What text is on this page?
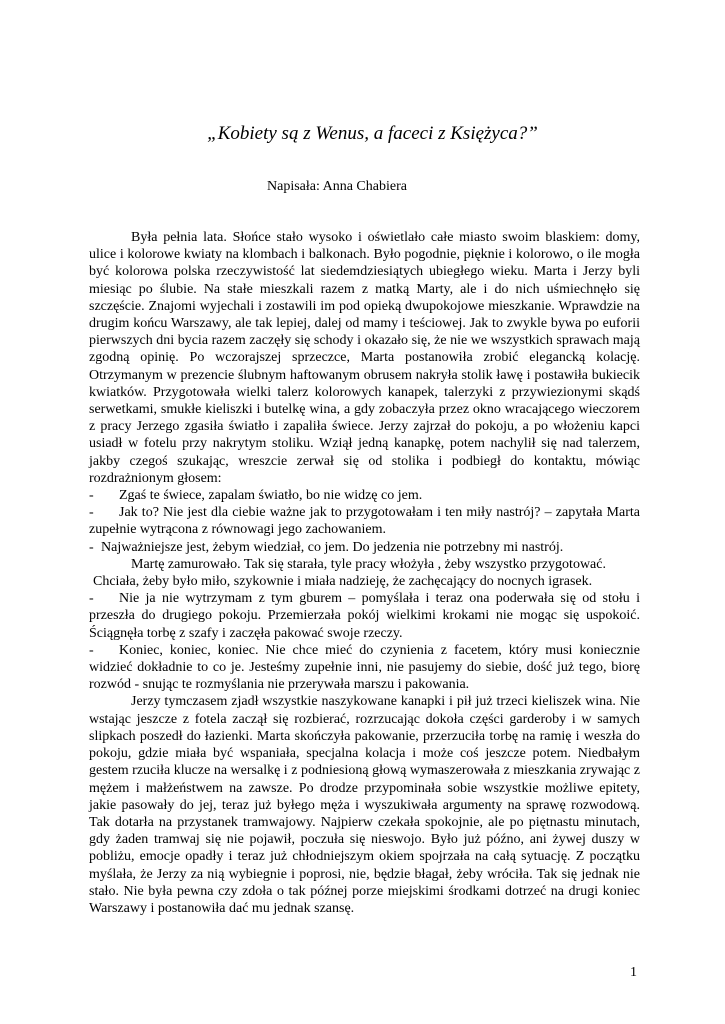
„Kobiety są z Wenus, a faceci z Księżyca?”
Napisała: Anna Chabiera

Była pełnia lata. Słońce stało wysoko i oświetlało całe miasto swoim blaskiem: domy, ulice i kolorowe kwiaty na klombach i balkonach. Było pogodnie, pięknie i kolorowo, o ile mogła być kolorowa polska rzeczywistość lat siedemdziesiątych ubiegłego wieku. Marta i Jerzy byli miesiąc po ślubie. Na stałe mieszkali razem z matką Marty, ale i do nich uśmiechnęło się szczęście. Znajomi wyjechali i zostawili im pod opieką dwupokojowe mieszkanie. Wprawdzie na drugim końcu Warszawy, ale tak lepiej, dalej od mamy i teściowej. Jak to zwykle bywa po euforii pierwszych dni bycia razem zaczęły się schody i okazało się, że nie we wszystkich sprawach mają zgodną opinię. Po wczorajszej sprzeczce, Marta postanowiła zrobić elegancką kolację. Otrzymanym w prezencie ślubnym haftowanym obrusem nakryła stolik ławę i postawiła bukiecik kwiatków. Przygotowała wielki talerz kolorowych kanapek, talerzyki z przywiezionymi skądś serwetkami, smukłe kieliszki i butelkę wina, a gdy zobaczyła przez okno wracającego wieczorem z pracy Jerzego zgasiła światło i zapaliła świece. Jerzy zajrzał do pokoju, a po włożeniu kapci usiadł w fotelu przy nakrytym stoliku. Wziął jedną kanapkę, potem nachylił się nad talerzem, jakby czegoś szukając, wreszcie zerwał się od stolika i podbiegł do kontaktu, mówiąc rozdrażnionym głosem:

- Zgaś te świece, zapalam światło, bo nie widzę co jem.

- Jak to? Nie jest dla ciebie ważne jak to przygotowałam i ten miły nastrój? – zapytała Marta zupełnie wytrącona z równowagi jego zachowaniem.

- Najważniejsze jest, żebym wiedział, co jem. Do jedzenia nie potrzebny mi nastrój.

Martę zamurowało. Tak się starała, tyle pracy włożyła , żeby wszystko przygotować.

Chciała, żeby było miło, szykownie i miała nadzieję, że zachęcający do nocnych igrasek.

- Nie ja nie wytrzymam z tym gburem – pomyślała i teraz ona poderwała się od stołu i przeszła do drugiego pokoju. Przemierzała pokój wielkimi krokami nie mogąc się uspokoić. Ściągnęła torbę z szafy i zaczęła pakować swoje rzeczy.

- Koniec, koniec, koniec. Nie chce mieć do czynienia z facetem, który musi koniecznie widzieć dokładnie to co je. Jesteśmy zupełnie inni, nie pasujemy do siebie, dość już tego, biorę rozwód - snując te rozmyślania nie przerywała marszu i pakowania.

Jerzy tymczasem zjadł wszystkie naszykowane kanapki i pił już trzeci kieliszek wina. Nie wstając jeszcze z fotela zaczął się rozbierać, rozrzucając dokoła części garderoby i w samych slipkach poszedł do łazienki. Marta skończyła pakowanie, przerzuciła torbę na ramię i weszła do pokoju, gdzie miała być wspaniała, specjalna kolacja i może coś jeszcze potem. Niedbałym gestem rzuciła klucze na wersalkę i z podniesioną głową wymaszerowała z mieszkania zrywając z mężem i małżeństwem na zawsze. Po drodze przypominała sobie wszystkie możliwe epitety, jakie pasowały do jej, teraz już byłego męża i wyszukiwała argumenty na sprawę rozwodową. Tak dotarła na przystanek tramwajowy. Najpierw czekała spokojnie, ale po piętnastu minutach, gdy żaden tramwaj się nie pojawił, poczuła się nieswojo. Było już późno, ani żywej duszy w pobliżu, emocje opadły i teraz już chłodniejszym okiem spojrzała na całą sytuację. Z początku myślała, że Jerzy za nią wybiegnie i poprosi, nie, będzie błagał, żeby wróciła. Tak się jednak nie stało. Nie była pewna czy zdoła o tak późnej porze miejskimi środkami dotrzeć na drugi koniec Warszawy i postanowiła dać mu jednak szansę.

1
